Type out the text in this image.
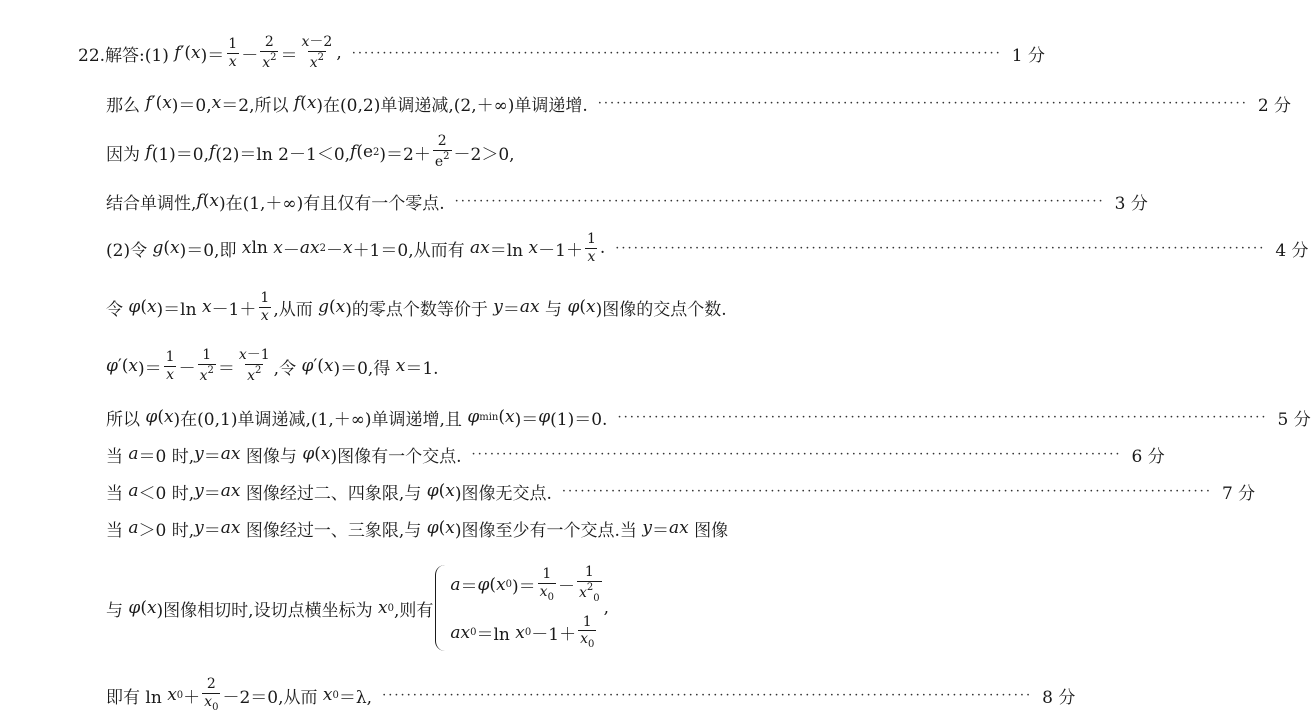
22.解答:(1) f ′( x )＝ $\frac{1}{x} - \frac{2}{x^2} = \frac{x-2}{x^2}$ , ·········································································································· 1 分
那么 f ′( x )＝0, x ＝2,所以 f ( x )在(0,2)单调递减,(2,＋∞)单调递增. ·········································································································· 2 分
因为 f (1)＝0, f (2)＝ln 2－1＜0, f (e 2 )$=2+ \frac{2}{e^2} -2>0$,
结合单调性, f ( x )在(1,＋∞)有且仅有一个零点. ·········································································································· 3 分
(2)令 g ( x )＝0,即 x ln x － ax 2 － x ＋1＝0,从而有 ax ＝ln $x -1+ \frac{1}{x}$ . ·········································································································· 4 分
令 φ ( x )＝ln $x -1+ \frac{1}{x}$ ,从而 g ( x )的零点个数等价于 y ＝ ax 与 φ ( x )图像的交点个数.
φ ′( x )＝ $\frac{1}{x} - \frac{1}{x^2} = \frac{x-1}{x^2}$ ,令 φ ′( x )＝0,得 x ＝1.
所以 φ ( x )在(0,1)单调递减,(1,＋∞)单调递增,且 φ min ( x )＝ φ (1)＝0. ·········································································································· 5 分
当 a ＝0 时, y ＝ ax 图像与 φ ( x )图像有一个交点. ·········································································································· 6 分
当 a ＜0 时, y ＝ ax 图像经过二、四象限,与 φ ( x )图像无交点. ·········································································································· 7 分
当 a ＞0 时, y ＝ ax 图像经过一、三象限,与 φ ( x )图像至少有一个交点.当 y ＝ ax 图像
与 φ ( x )图像相切时,设切点横坐标为 x 0 ,则有
a ＝ φ ( x 0 )＝ $\frac{1}{x_0} - \frac{1}{x^2_0}$
ax 0 ＝ln x $0 -1+ \frac{1}{x_0}$
,
即有 ln x $0 + \frac{2}{x_0} -2=0$,从而 x 0 ＝λ, ·········································································································· 8 分
